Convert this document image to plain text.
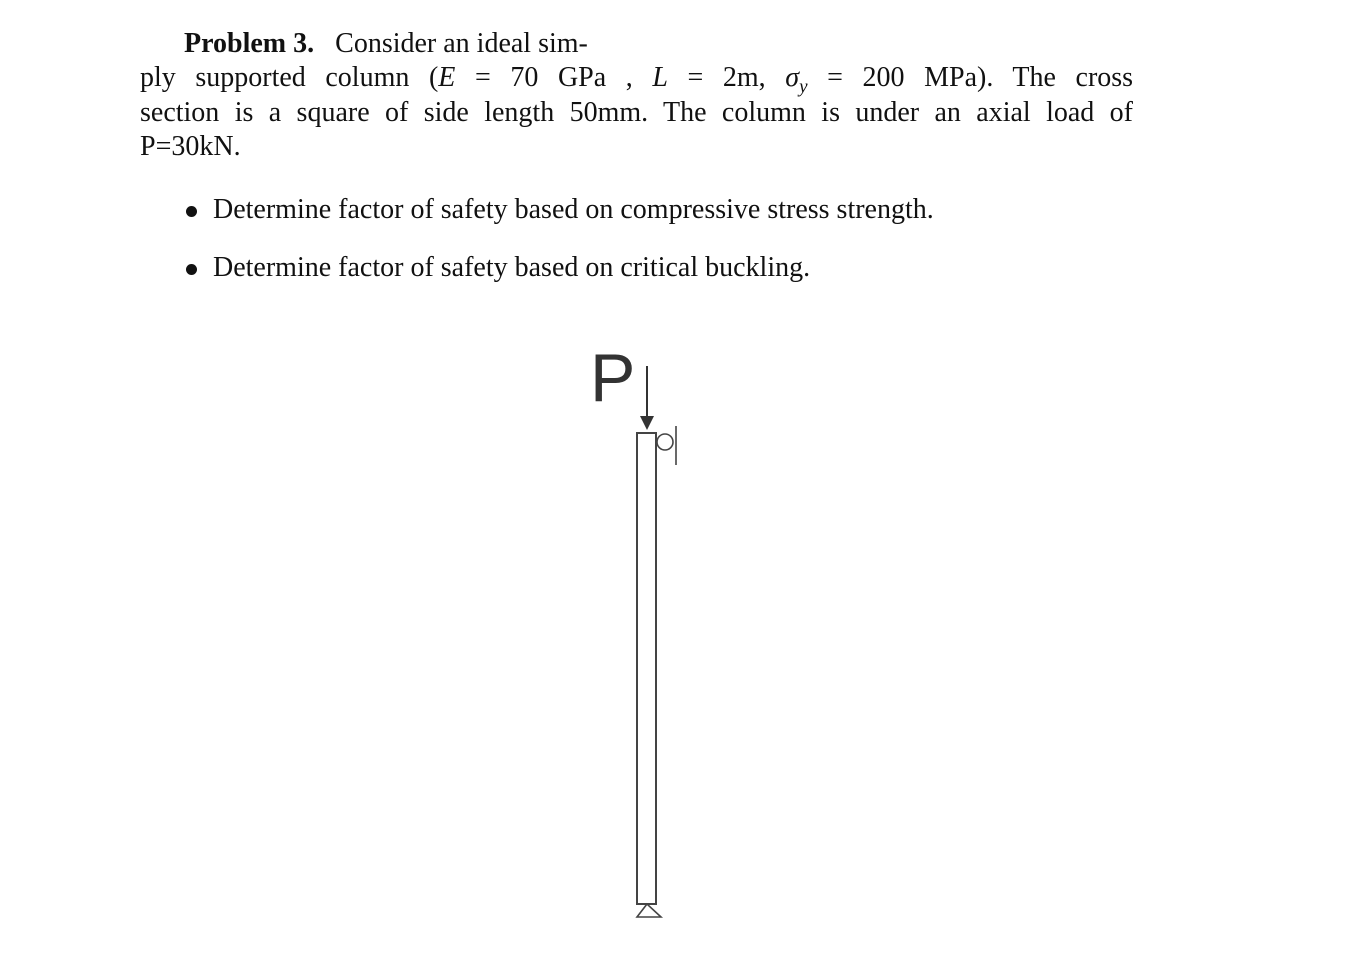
Problem 3. Consider an ideal sim-
ply supported column (E = 70 GPa , L = 2m, $\sigma_y = 200$ MPa). The cross
section is a square of side length 50mm. The column is under an axial load of
P=30kN.
Determine factor of safety based on compressive stress strength.
Determine factor of safety based on critical buckling.
P
